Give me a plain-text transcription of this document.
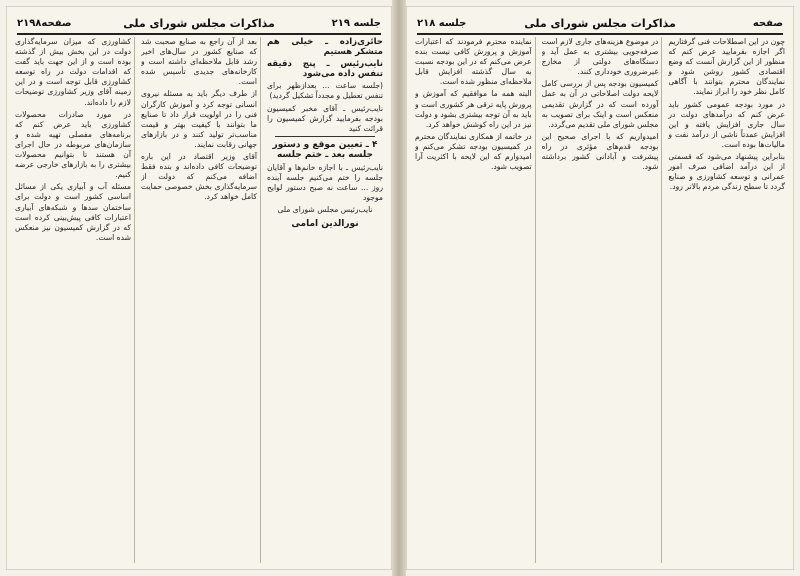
صفحه۲۱۹۸	مذاکرات مجلس شورای ملی	جلسه ۲۱۹

حائری‌زاده ـ خیلی هم متشکر هستیم

نایب‌رئیس ـ پنج دقیقه تنفس داده می‌شود

(جلسه ساعت ... بعدازظهر برای تنفس تعطیل و مجدداً تشکیل گردید)

نایب‌رئیس ـ آقای مخبر کمیسیون بودجه بفرمایید گزارش کمیسیون را قرائت کنید

۴ ـ تعیین موقع و دستور جلسه بعد ـ ختم جلسه

نایب‌رئیس ـ با اجازه خانم‌ها و آقایان جلسه را ختم می‌کنیم جلسه آینده روز ... ساعت نه صبح دستور لوایح موجود

نایب‌رئیس مجلس شورای ملی

نورالدین امامی

بعد از آن راجع به صنایع صحبت شد که صنایع کشور در سال‌های اخیر رشد قابل ملاحظه‌ای داشته است و کارخانه‌های جدیدی تأسیس شده است.

از طرف دیگر باید به مسئله نیروی انسانی توجه کرد و آموزش کارگران فنی را در اولویت قرار داد تا صنایع ما بتوانند با کیفیت بهتر و قیمت مناسب‌تر تولید کنند و در بازارهای جهانی رقابت نمایند.

آقای وزیر اقتصاد در این باره توضیحات کافی داده‌اند و بنده فقط اضافه می‌کنم که دولت از سرمایه‌گذاری بخش خصوصی حمایت کامل خواهد کرد.

کشاورزی که میزان سرمایه‌گذاری دولت در این بخش بیش از گذشته بوده است و از این جهت باید گفت که اقدامات دولت در راه توسعه کشاورزی قابل توجه است و در این زمینه آقای وزیر کشاورزی توضیحات لازم را داده‌اند.

در مورد صادرات محصولات کشاورزی باید عرض کنم که برنامه‌های مفصلی تهیه شده و سازمان‌های مربوطه در حال اجرای آن هستند تا بتوانیم محصولات بیشتری را به بازارهای خارجی عرضه کنیم.

مسئله آب و آبیاری یکی از مسائل اساسی کشور است و دولت برای ساختمان سدها و شبکه‌های آبیاری اعتبارات کافی پیش‌بینی کرده است که در گزارش کمیسیون نیز منعکس شده است.

صفحه
مذاکرات مجلس شورای ملی
جلسه ۲۱۸

چون در این اصطلاحات فنی گرفتاریم اگر اجازه بفرمایید عرض کنم که منظور از این گزارش آنست که وضع اقتصادی کشور روشن شود و نمایندگان محترم بتوانند با آگاهی کامل نظر خود را ابراز نمایند.

در مورد بودجه عمومی کشور باید عرض کنم که درآمدهای دولت در سال جاری افزایش یافته و این افزایش عمدتاً ناشی از درآمد نفت و مالیات‌ها بوده است.

بنابراین پیشنهاد می‌شود که قسمتی از این درآمد اضافی صرف امور عمرانی و توسعه کشاورزی و صنایع گردد تا سطح زندگی مردم بالاتر رود.

در موضوع هزینه‌های جاری لازم است صرفه‌جویی بیشتری به عمل آید و دستگاه‌های دولتی از مخارج غیرضروری خودداری کنند.

کمیسیون بودجه پس از بررسی کامل لایحه دولت اصلاحاتی در آن به عمل آورده است که در گزارش تقدیمی منعکس است و اینک برای تصویب به مجلس شورای ملی تقدیم می‌گردد.

امیدواریم که با اجرای صحیح این بودجه قدم‌های مؤثری در راه پیشرفت و آبادانی کشور برداشته شود.

نماینده محترم فرمودند که اعتبارات آموزش و پرورش کافی نیست بنده عرض می‌کنم که در این بودجه نسبت به سال گذشته افزایش قابل ملاحظه‌ای منظور شده است.

البته همه ما موافقیم که آموزش و پرورش پایه ترقی هر کشوری است و باید به آن توجه بیشتری بشود و دولت نیز در این راه کوشش خواهد کرد.

در خاتمه از همکاری نمایندگان محترم در کمیسیون بودجه تشکر می‌کنم و امیدوارم که این لایحه با اکثریت آرا تصویب شود.
